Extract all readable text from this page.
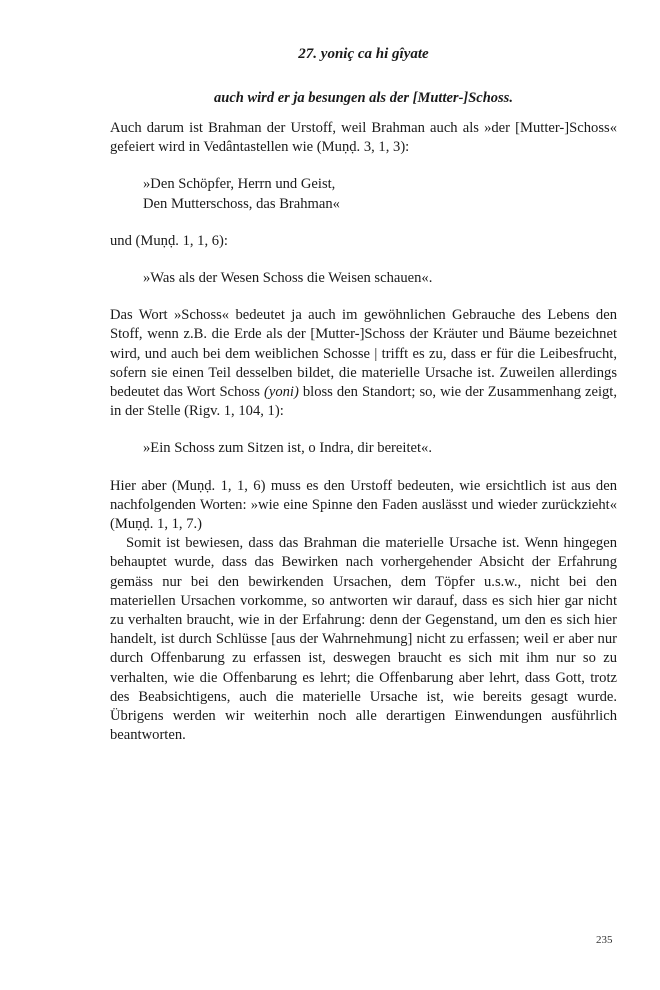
27. yoniç ca hi gîyate
auch wird er ja besungen als der [Mutter-]Schoss.

Auch darum ist Brahman der Urstoff, weil Brahman auch als »der [Mutter-]Schoss« gefeiert wird in Vedântastellen wie (Muṇḍ. 3, 1, 3):

»Den Schöpfer, Herrn und Geist,

Den Mutterschoss, das Brahman«

und (Muṇḍ. 1, 1, 6):

»Was als der Wesen Schoss die Weisen schauen«.

Das Wort »Schoss« bedeutet ja auch im gewöhnlichen Gebrauche des Lebens den Stoff, wenn z.B. die Erde als der [Mutter-]Schoss der Kräuter und Bäume bezeichnet wird, und auch bei dem weiblichen Schosse | trifft es zu, dass er für die Leibesfrucht, sofern sie einen Teil desselben bildet, die materielle Ursache ist. Zuweilen allerdings bedeutet das Wort Schoss (yoni) bloss den Standort; so, wie der Zusammenhang zeigt, in der Stelle (Rigv. 1, 104, 1):

»Ein Schoss zum Sitzen ist, o Indra, dir bereitet«.

Hier aber (Muṇḍ. 1, 1, 6) muss es den Urstoff bedeuten, wie ersichtlich ist aus den nachfolgenden Worten: »wie eine Spinne den Faden auslässt und wieder zurückzieht« (Muṇḍ. 1, 1, 7.)

Somit ist bewiesen, dass das Brahman die materielle Ursache ist. Wenn hingegen behauptet wurde, dass das Bewirken nach vorhergehender Absicht der Erfahrung gemäss nur bei den bewirkenden Ursachen, dem Töpfer u.s.w., nicht bei den materiellen Ursachen vorkomme, so antworten wir darauf, dass es sich hier gar nicht zu verhalten braucht, wie in der Erfahrung: denn der Gegenstand, um den es sich hier handelt, ist durch Schlüsse [aus der Wahrnehmung] nicht zu erfassen; weil er aber nur durch Offenbarung zu erfassen ist, deswegen braucht es sich mit ihm nur so zu verhalten, wie die Offenbarung es lehrt; die Offenbarung aber lehrt, dass Gott, trotz des Beabsichtigens, auch die materielle Ursache ist, wie bereits gesagt wurde. Übrigens werden wir weiterhin noch alle derartigen Einwendungen ausführlich beantworten.

235
